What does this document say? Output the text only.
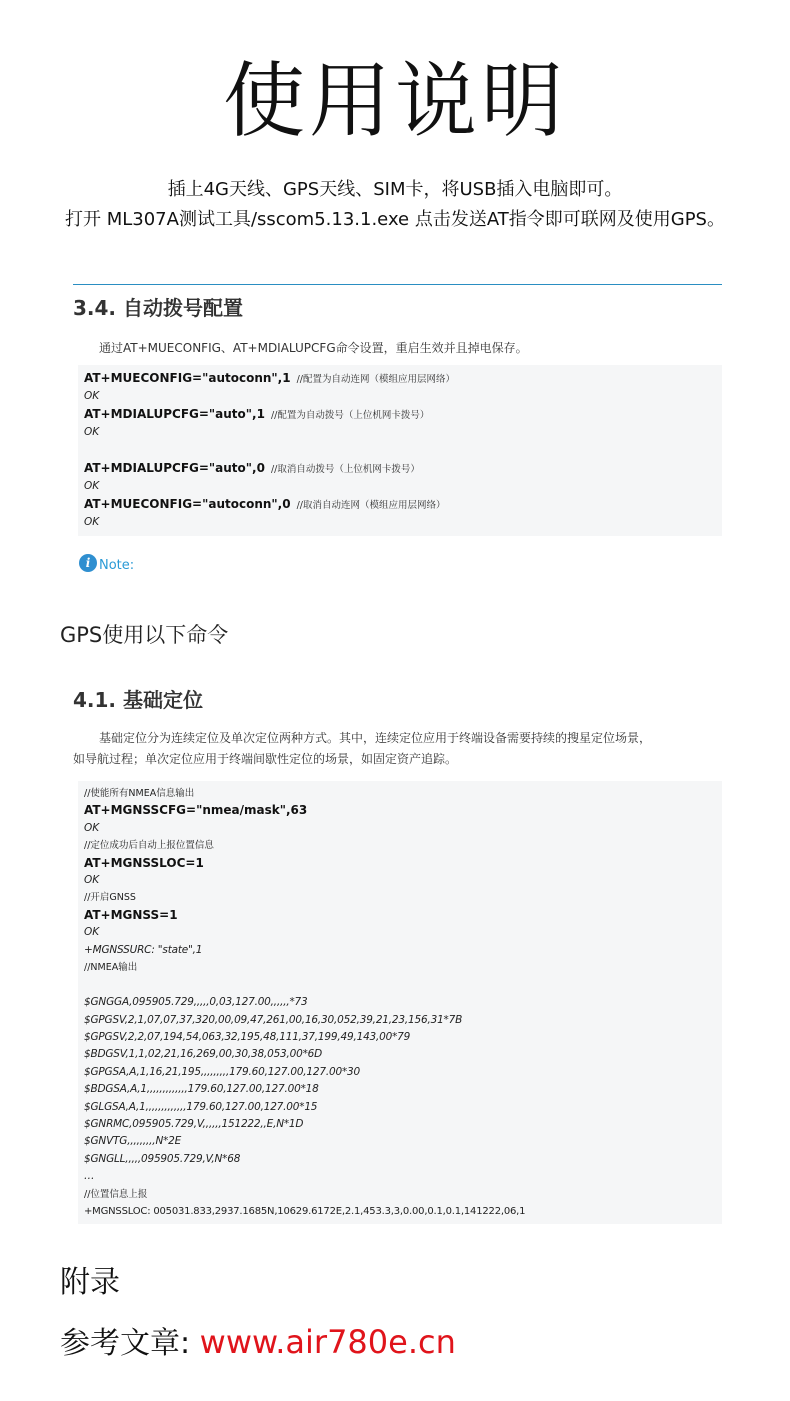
使用说明
插上4G天线、GPS天线、SIM卡，将USB插入电脑即可。
打开 ML307A测试工具/sscom5.13.1.exe 点击发送AT指令即可联网及使用GPS。
3.4. 自动拨号配置
通过AT+MUECONFIG、AT+MDIALUPCFG命令设置，重启生效并且掉电保存。
AT+MUECONFIG="autoconn",1 //配置为自动连网（模组应用层网络）
OK
AT+MDIALUPCFG="auto",1 //配置为自动拨号（上位机网卡拨号）
OK
AT+MDIALUPCFG="auto",0 //取消自动拨号（上位机网卡拨号）
OK
AT+MUECONFIG="autoconn",0 //取消自动连网（模组应用层网络）
OK
i Note:
GPS使用以下命令
4.1. 基础定位
基础定位分为连续定位及单次定位两种方式。其中，连续定位应用于终端设备需要持续的搜星定位场景，
如导航过程；单次定位应用于终端间歇性定位的场景，如固定资产追踪。
//使能所有NMEA信息输出
AT+MGNSSCFG="nmea/mask",63
OK
//定位成功后自动上报位置信息
AT+MGNSSLOC=1
OK
//开启GNSS
AT+MGNSS=1
OK
+MGNSSURC: "state",1
//NMEA输出
$GNGGA,095905.729,,,,,0,03,127.00,,,,,,*73
$GPGSV,2,1,07,07,37,320,00,09,47,261,00,16,30,052,39,21,23,156,31*7B
$GPGSV,2,2,07,194,54,063,32,195,48,111,37,199,49,143,00*79
$BDGSV,1,1,02,21,16,269,00,30,38,053,00*6D
$GPGSA,A,1,16,21,195,,,,,,,,,179.60,127.00,127.00*30
$BDGSA,A,1,,,,,,,,,,,,,179.60,127.00,127.00*18
$GLGSA,A,1,,,,,,,,,,,,,179.60,127.00,127.00*15
$GNRMC,095905.729,V,,,,,,151222,,E,N*1D
$GNVTG,,,,,,,,,N*2E
$GNGLL,,,,,095905.729,V,N*68
…
//位置信息上报
+MGNSSLOC: 005031.833,2937.1685N,10629.6172E,2.1,453.3,3,0.00,0.1,0.1,141222,06,1
附录
参考文章: www.air780e.cn
